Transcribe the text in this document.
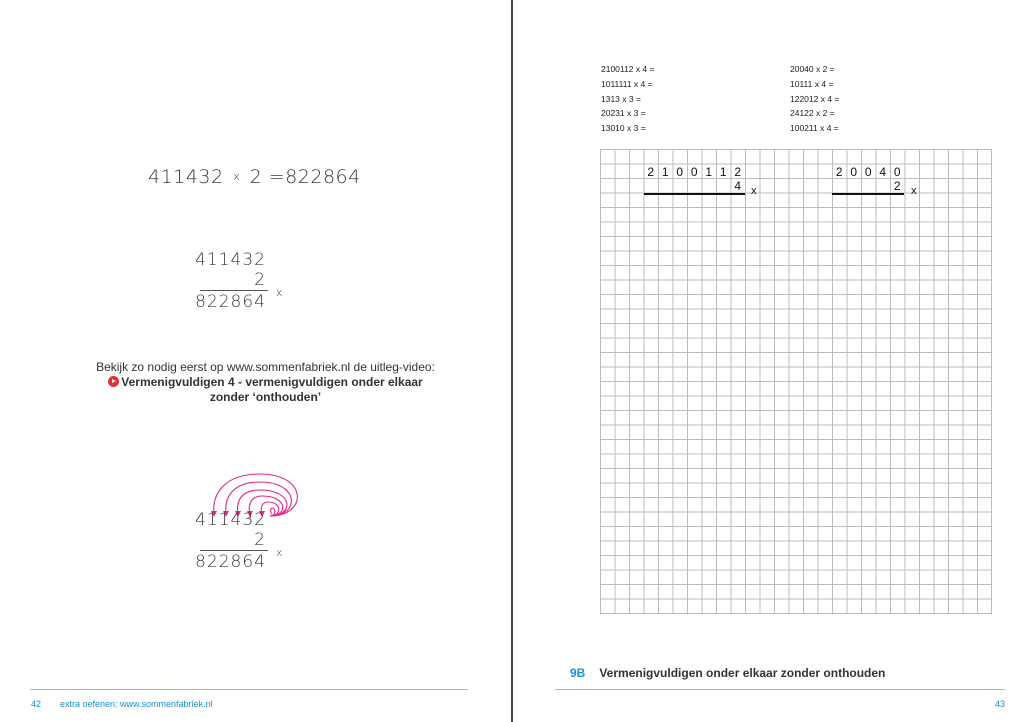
411432 x 2 =822864
411432
2
x
822864
Bekijk zo nodig eerst op www.sommenfabriek.nl de uitleg-video:
Vermenigvuldigen 4 - vermenigvuldigen onder elkaar
zonder ‘onthouden’
411432
2
x
822864
42 extra oefenen: www.sommenfabriek.nl
2100112 x 4 =
1011111 x 4 =
1313 x 3 =
20231 x 3 =
13010 x 3 =
20040 x 2 =
10111 x 4 =
122012 x 4 =
24122 x 2 =
100211 x 4 =
2 1 0 0 1 1 2
4 x
2 0 0 4 0
2 x
9B Vermenigvuldigen onder elkaar zonder onthouden
43
